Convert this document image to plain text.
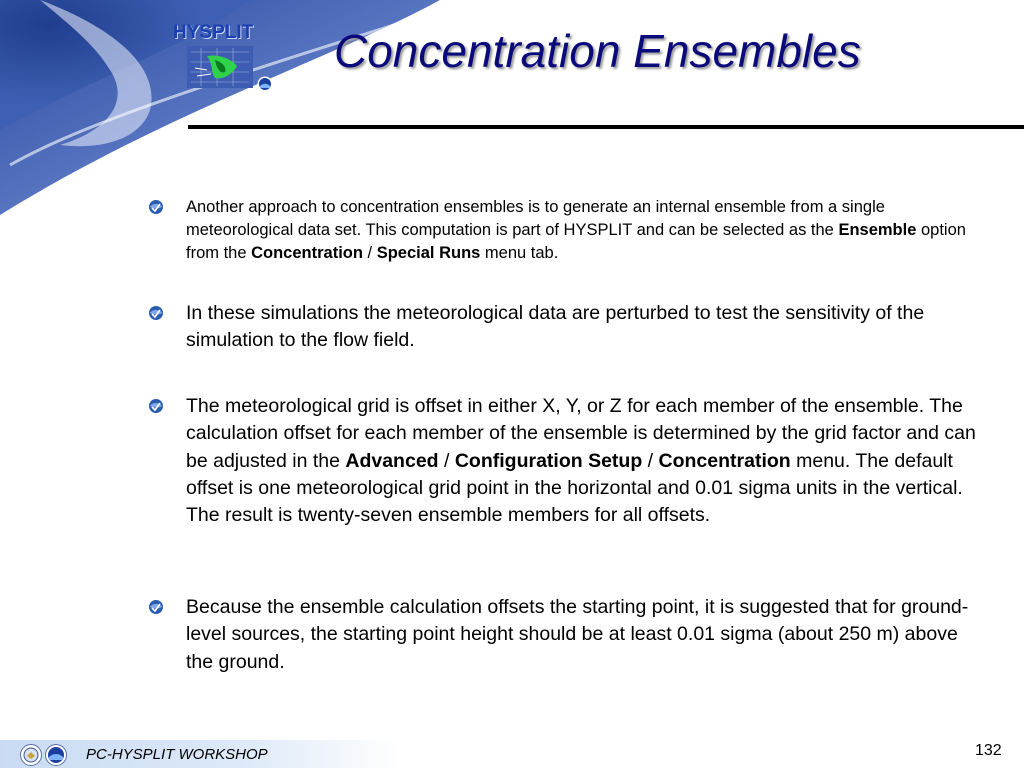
HYSPLIT Concentration Ensembles
Another approach to concentration ensembles is to generate an internal ensemble from a single meteorological data set. This computation is part of HYSPLIT and can be selected as the Ensemble option from the Concentration / Special Runs menu tab.
In these simulations the meteorological data are perturbed to test the sensitivity of the simulation to the flow field.
The meteorological grid is offset in either X, Y, or Z for each member of the ensemble. The calculation offset for each member of the ensemble is determined by the grid factor and can be adjusted in the Advanced / Configuration Setup / Concentration menu. The default offset is one meteorological grid point in the horizontal and 0.01 sigma units in the vertical. The result is twenty-seven ensemble members for all offsets.
Because the ensemble calculation offsets the starting point, it is suggested that for ground-level sources, the starting point height should be at least 0.01 sigma (about 250 m) above the ground.
PC-HYSPLIT WORKSHOP	132
